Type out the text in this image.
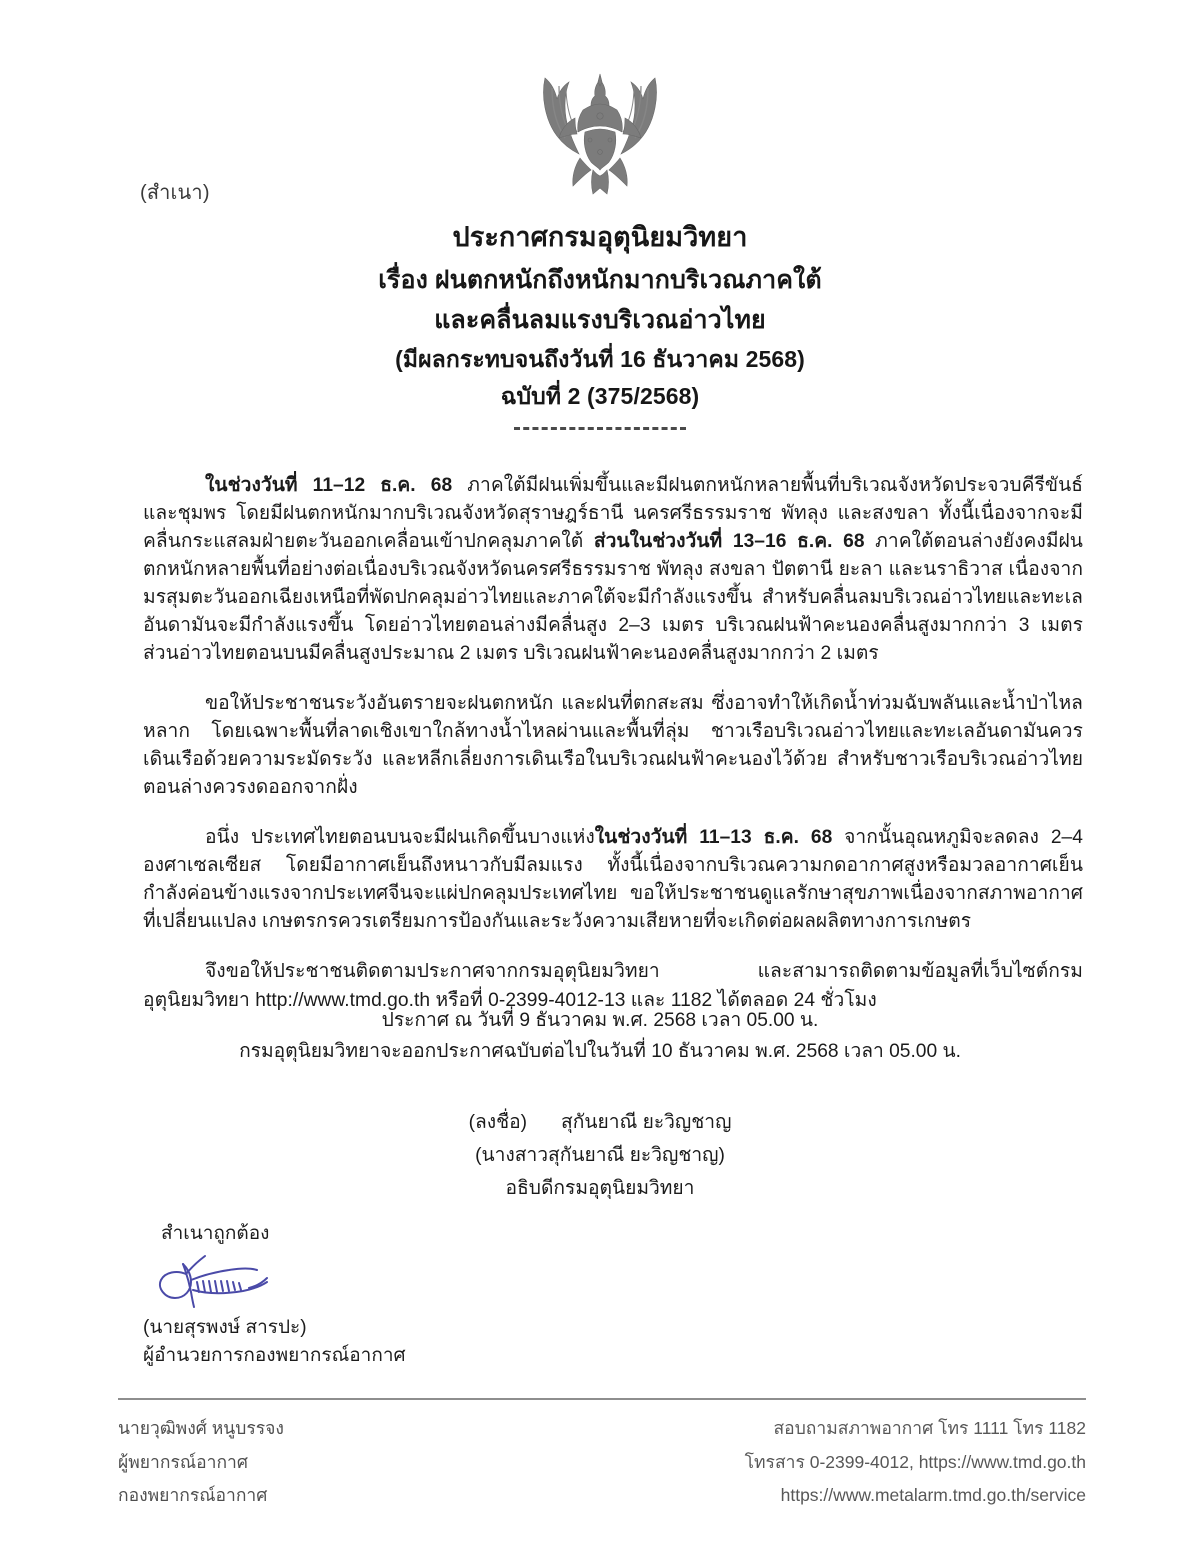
(สำเนา)
ประกาศกรมอุตุนิยมวิทยา
เรื่อง ฝนตกหนักถึงหนักมากบริเวณภาคใต้
และคลื่นลมแรงบริเวณอ่าวไทย
(มีผลกระทบจนถึงวันที่ 16 ธันวาคม 2568)
ฉบับที่ 2 (375/2568)

ในช่วงวันที่ 11–12 ธ.ค. 68 ภาคใต้มีฝนเพิ่มขึ้นและมีฝนตกหนักหลายพื้นที่บริเวณจังหวัดประจวบคีรีขันธ์ และชุมพร โดยมีฝนตกหนักมากบริเวณจังหวัดสุราษฎร์ธานี นครศรีธรรมราช พัทลุง และสงขลา ทั้งนี้เนื่องจากจะมีคลื่นกระแสลมฝ่ายตะวันออกเคลื่อนเข้าปกคลุมภาคใต้ ส่วนในช่วงวันที่ 13–16 ธ.ค. 68 ภาคใต้ตอนล่างยังคงมีฝนตกหนักหลายพื้นที่อย่างต่อเนื่องบริเวณจังหวัดนครศรีธรรมราช พัทลุง สงขลา ปัตตานี ยะลา และนราธิวาส เนื่องจากมรสุมตะวันออกเฉียงเหนือที่พัดปกคลุมอ่าวไทยและภาคใต้จะมีกำลังแรงขึ้น สำหรับคลื่นลมบริเวณอ่าวไทยและทะเลอันดามันจะมีกำลังแรงขึ้น โดยอ่าวไทยตอนล่างมีคลื่นสูง 2–3 เมตร บริเวณฝนฟ้าคะนองคลื่นสูงมากกว่า 3 เมตร ส่วนอ่าวไทยตอนบนมีคลื่นสูงประมาณ 2 เมตร บริเวณฝนฟ้าคะนองคลื่นสูงมากกว่า 2 เมตร

ขอให้ประชาชนระวังอันตรายจะฝนตกหนัก และฝนที่ตกสะสม ซึ่งอาจทำให้เกิดน้ำท่วมฉับพลันและน้ำป่าไหลหลาก โดยเฉพาะพื้นที่ลาดเชิงเขาใกล้ทางน้ำไหลผ่านและพื้นที่ลุ่ม ชาวเรือบริเวณอ่าวไทยและทะเลอันดามันควรเดินเรือด้วยความระมัดระวัง และหลีกเลี่ยงการเดินเรือในบริเวณฝนฟ้าคะนองไว้ด้วย สำหรับชาวเรือบริเวณอ่าวไทยตอนล่างควรงดออกจากฝั่ง

อนึ่ง ประเทศไทยตอนบนจะมีฝนเกิดขึ้นบางแห่งในช่วงวันที่ 11–13 ธ.ค. 68 จากนั้นอุณหภูมิจะลดลง 2–4 องศาเซลเซียส โดยมีอากาศเย็นถึงหนาวกับมีลมแรง ทั้งนี้เนื่องจากบริเวณความกดอากาศสูงหรือมวลอากาศเย็นกำลังค่อนข้างแรงจากประเทศจีนจะแผ่ปกคลุมประเทศไทย ขอให้ประชาชนดูแลรักษาสุขภาพเนื่องจากสภาพอากาศที่เปลี่ยนแปลง เกษตรกรควรเตรียมการป้องกันและระวังความเสียหายที่จะเกิดต่อผลผลิตทางการเกษตร

จึงขอให้ประชาชนติดตามประกาศจากกรมอุตุนิยมวิทยา และสามารถติดตามข้อมูลที่เว็บไซต์กรมอุตุนิยมวิทยา http://www.tmd.go.th หรือที่ 0-2399-4012-13 และ 1182 ได้ตลอด 24 ชั่วโมง

ประกาศ ณ วันที่ 9 ธันวาคม พ.ศ. 2568 เวลา 05.00 น.
กรมอุตุนิยมวิทยาจะออกประกาศฉบับต่อไปในวันที่ 10 ธันวาคม พ.ศ. 2568 เวลา 05.00 น.
(ลงชื่อ) สุกันยาณี ยะวิญชาญ
(นางสาวสุกันยาณี ยะวิญชาญ)
อธิบดีกรมอุตุนิยมวิทยา
สำเนาถูกต้อง
(นายสุรพงษ์ สารปะ)
ผู้อำนวยการกองพยากรณ์อากาศ
นายวุฒิพงศ์ หนูบรรจง
ผู้พยากรณ์อากาศ
กองพยากรณ์อากาศ
สอบถามสภาพอากาศ โทร 1111 โทร 1182
โทรสาร 0-2399-4012, https://www.tmd.go.th
https://www.metalarm.tmd.go.th/service
